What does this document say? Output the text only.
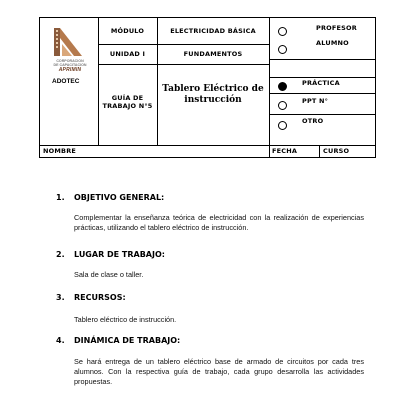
CORPORACION
DE CAPACITACION
APRIMIN
ADOTEC
MÓDULO	ELECTRICIDAD BÁSICA
UNIDAD I	FUNDAMENTOS
GUÍA DE
TRABAJO N°5
Tablero Eléctrico de
instrucción
PROFESOR
ALUMNO
PRÁCTICA
PPT N°
OTRO
NOMBRE	FECHA	CURSO
1. OBJETIVO GENERAL:
Complementar la enseñanza teórica de electricidad con la realización de experiencias prácticas, utilizando el tablero eléctrico de instrucción.
2. LUGAR DE TRABAJO:
Sala de clase o taller.
3. RECURSOS:
Tablero eléctrico de instrucción.
4. DINÁMICA DE TRABAJO:
Se hará entrega de un tablero eléctrico base de armado de circuitos por cada tres alumnos. Con la respectiva guía de trabajo, cada grupo desarrolla las actividades propuestas.
